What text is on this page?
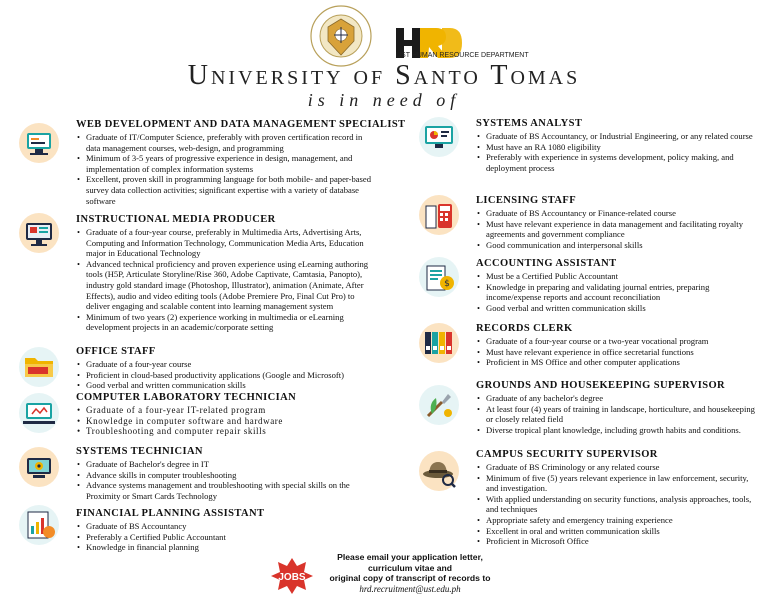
UST HUMAN RESOURCE DEPARTMENT
University of Santo Tomas
is in need of
WEB DEVELOPMENT AND DATA MANAGEMENT SPECIALIST
• Graduate of IT/Computer Science, preferably with proven certification record in data management courses, web-design, and programming
• Minimum of 3-5 years of progressive experience in design, management, and implementation of complex information systems
• Excellent, proven skill in programming language for both mobile- and paper-based survey data collection activities; significant expertise with a variety of database software
INSTRUCTIONAL MEDIA PRODUCER
• Graduate of a four-year course, preferably in Multimedia Arts, Advertising Arts, Computing and Information Technology, Communication Media Arts, Education major in Educational Technology
• Advanced technical proficiency and proven experience using eLearning authoring tools (H5P, Articulate Storyline/Rise 360, Adobe Captivate, Camtasia, Panopto), industry gold standard image (Photoshop, Illustrator), animation (Animate, After Effects), audio and video editing tools (Adobe Premiere Pro, Final Cut Pro) to deliver engaging and scalable content into learning management system
• Minimum of two years (2) experience working in multimedia or eLearning development projects in an academic/corporate setting
OFFICE STAFF
• Graduate of a four-year course
• Proficient in cloud-based productivity applications (Google and Microsoft)
• Good verbal and written communication skills
COMPUTER LABORATORY TECHNICIAN
• Graduate of a four-year IT-related program
• Knowledge in computer software and hardware
• Troubleshooting and computer repair skills
SYSTEMS TECHNICIAN
• Graduate of Bachelor's degree in IT
• Advance skills in computer troubleshooting
• Advance systems management and troubleshooting with special skills on the Proximity or Smart Cards Technology
FINANCIAL PLANNING ASSISTANT
• Graduate of BS Accountancy
• Preferably a Certified Public Accountant
• Knowledge in financial planning
SYSTEMS ANALYST
• Graduate of BS Accountancy, or Industrial Engineering, or any related course
• Must have an RA 1080 eligibility
• Preferably with experience in systems development, policy making, and deployment process
LICENSING STAFF
• Graduate of BS Accountancy or Finance-related course
• Must have relevant experience in data management and facilitating royalty agreements and government compliance
• Good communication and interpersonal skills
$
ACCOUNTING ASSISTANT
• Must be a Certified Public Accountant
• Knowledge in preparing and validating journal entries, preparing income/expense reports and account reconciliation
• Good verbal and written communication skills
RECORDS CLERK
• Graduate of a four-year course or a two-year vocational program
• Must have relevant experience in office secretarial functions
• Proficient in MS Office and other computer applications
GROUNDS AND HOUSEKEEPING SUPERVISOR
• Graduate of any bachelor's degree
• At least four (4) years of training in landscape, horticulture, and housekeeping or closely related field
• Diverse tropical plant knowledge, including growth habits and conditions.
CAMPUS SECURITY SUPERVISOR
• Graduate of BS Criminology or any related course
• Minimum of five (5) years relevant experience in law enforcement, security, and investigation.
• With applied understanding on security functions, analysis approaches, tools, and techniques
• Appropriate safety and emergency training experience
• Excellent in oral and written communication skills
• Proficient in Microsoft Office
JOBS
Please email your application letter,
curriculum vitae and
original copy of transcript of records to
hrd.recruitment@ust.edu.ph
